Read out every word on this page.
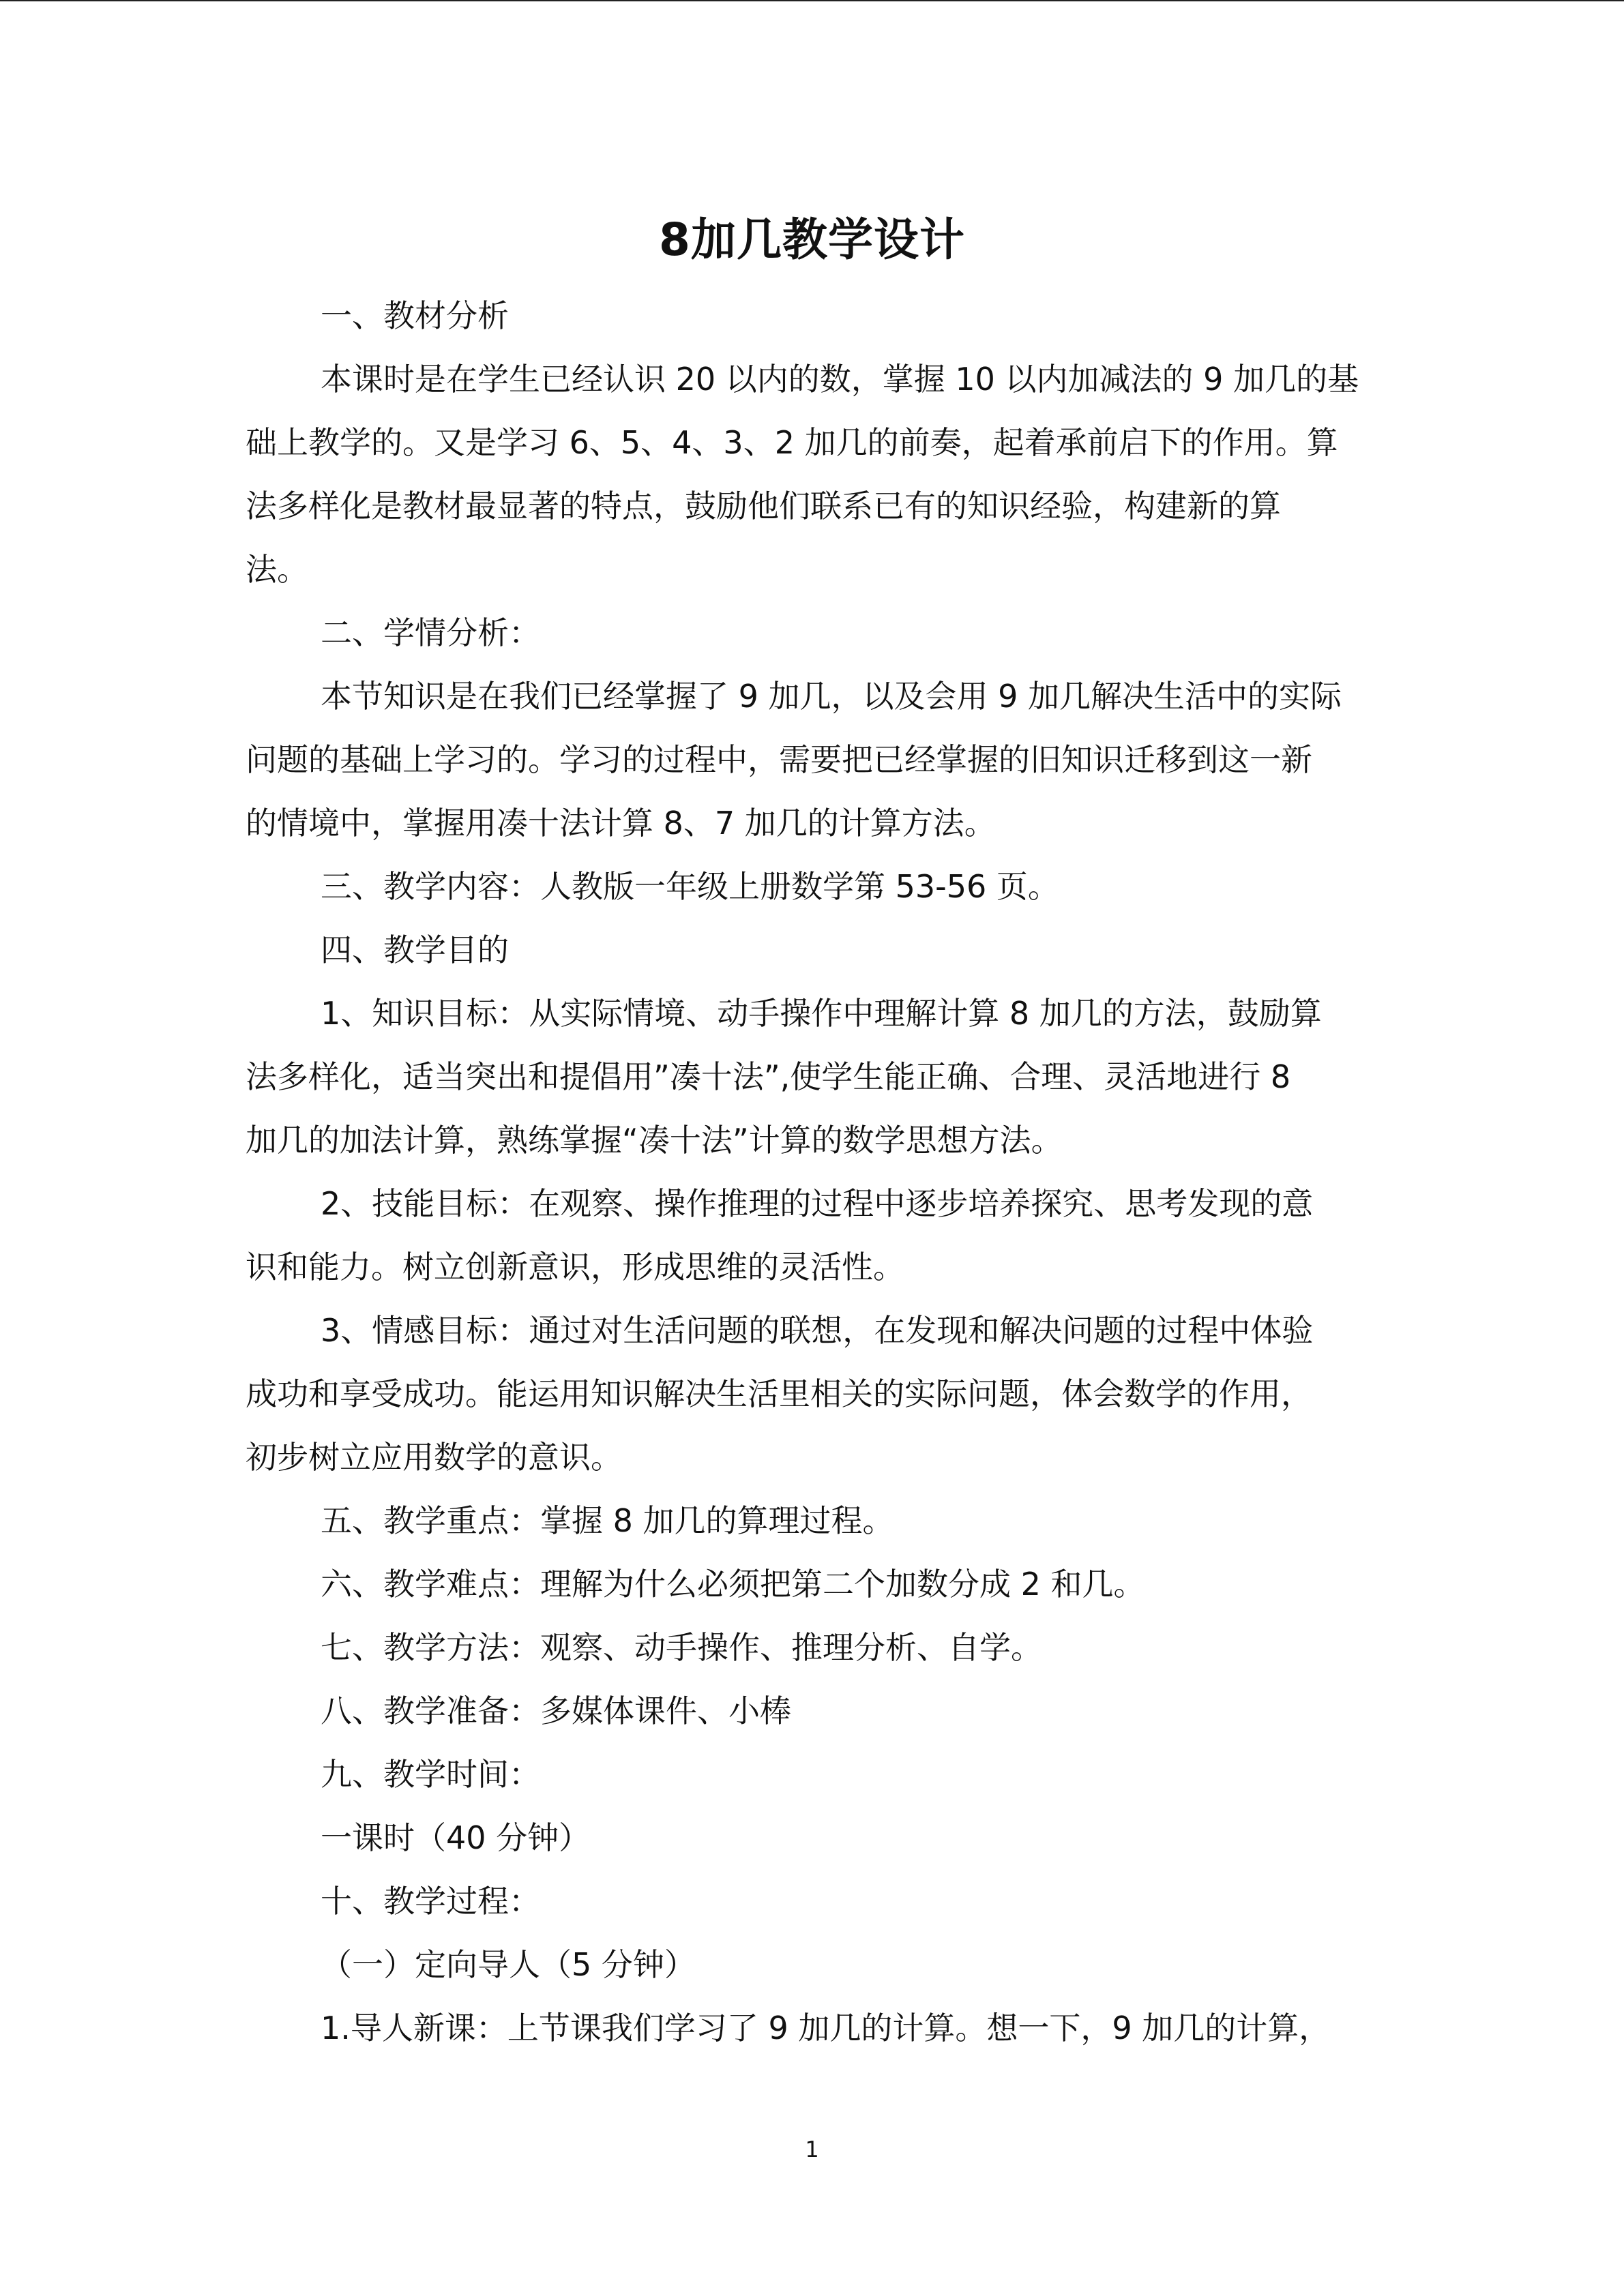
8加几教学设计
一、教材分析
本课时是在学生已经认识 20 以内的数，掌握 10 以内加减法的 9 加几的基
础上教学的。又是学习 6、5、4、3、2 加几的前奏，起着承前启下的作用。算
法多样化是教材最显著的特点，鼓励他们联系已有的知识经验，构建新的算
法。
二、学情分析：
本节知识是在我们已经掌握了 9 加几，以及会用 9 加几解决生活中的实际
问题的基础上学习的。学习的过程中，需要把已经掌握的旧知识迁移到这一新
的情境中，掌握用凑十法计算 8、7 加几的计算方法。
三、教学内容：人教版一年级上册数学第 53-56 页。
四、教学目的
1、知识目标：从实际情境、动手操作中理解计算 8 加几的方法，鼓励算
法多样化，适当突出和提倡用”凑十法”,使学生能正确、合理、灵活地进行 8
加几的加法计算，熟练掌握“凑十法”计算的数学思想方法。
2、技能目标：在观察、操作推理的过程中逐步培养探究、思考发现的意
识和能力。树立创新意识，形成思维的灵活性。
3、情感目标：通过对生活问题的联想，在发现和解决问题的过程中体验
成功和享受成功。能运用知识解决生活里相关的实际问题，体会数学的作用，
初步树立应用数学的意识。
五、教学重点：掌握 8 加几的算理过程。
六、教学难点：理解为什么必须把第二个加数分成 2 和几。
七、教学方法：观察、动手操作、推理分析、自学。
八、教学准备：多媒体课件、小棒
九、教学时间：
一课时（40 分钟）
十、教学过程：
（一）定向导人（5 分钟）
1.导人新课：上节课我们学习了 9 加几的计算。想一下，9 加几的计算，
1
